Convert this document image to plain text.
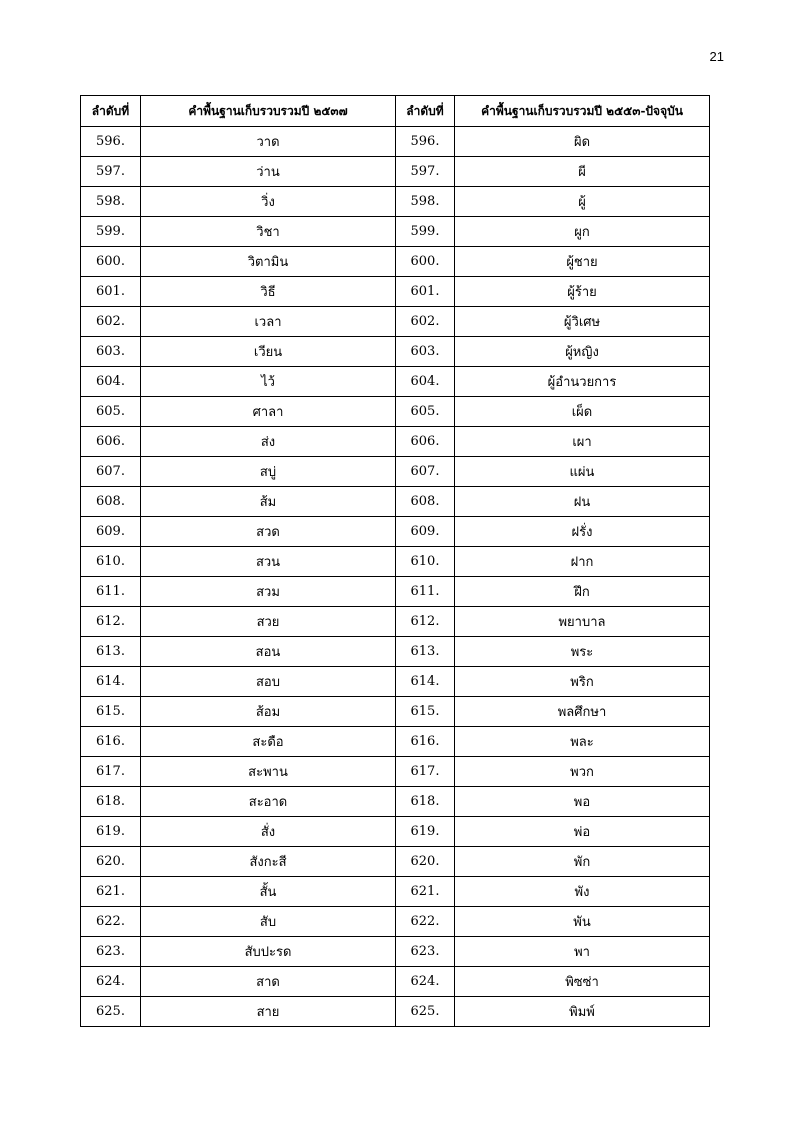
21
ลำดับที่	คำพื้นฐานเก็บรวบรวมปี ๒๕๓๗	ลำดับที่	คำพื้นฐานเก็บรวบรวมปี ๒๕๕๓-ปัจจุบัน
596.	วาด	596.	ผิด
597.	ว่าน	597.	ผี
598.	วิ่ง	598.	ผู้
599.	วิชา	599.	ผูก
600.	วิตามิน	600.	ผู้ชาย
601.	วิธี	601.	ผู้ร้าย
602.	เวลา	602.	ผู้วิเศษ
603.	เวียน	603.	ผู้หญิง
604.	ไว้	604.	ผู้อำนวยการ
605.	ศาลา	605.	เผ็ด
606.	ส่ง	606.	เผา
607.	สบู่	607.	แผ่น
608.	ส้ม	608.	ฝน
609.	สวด	609.	ฝรั่ง
610.	สวน	610.	ฝาก
611.	สวม	611.	ฝึก
612.	สวย	612.	พยาบาล
613.	สอน	613.	พระ
614.	สอบ	614.	พริก
615.	ส้อม	615.	พลศึกษา
616.	สะดือ	616.	พละ
617.	สะพาน	617.	พวก
618.	สะอาด	618.	พอ
619.	สั่ง	619.	พ่อ
620.	สังกะสี	620.	พัก
621.	สั้น	621.	พัง
622.	สับ	622.	พัน
623.	สับปะรด	623.	พา
624.	สาด	624.	พิซซ่า
625.	สาย	625.	พิมพ์
